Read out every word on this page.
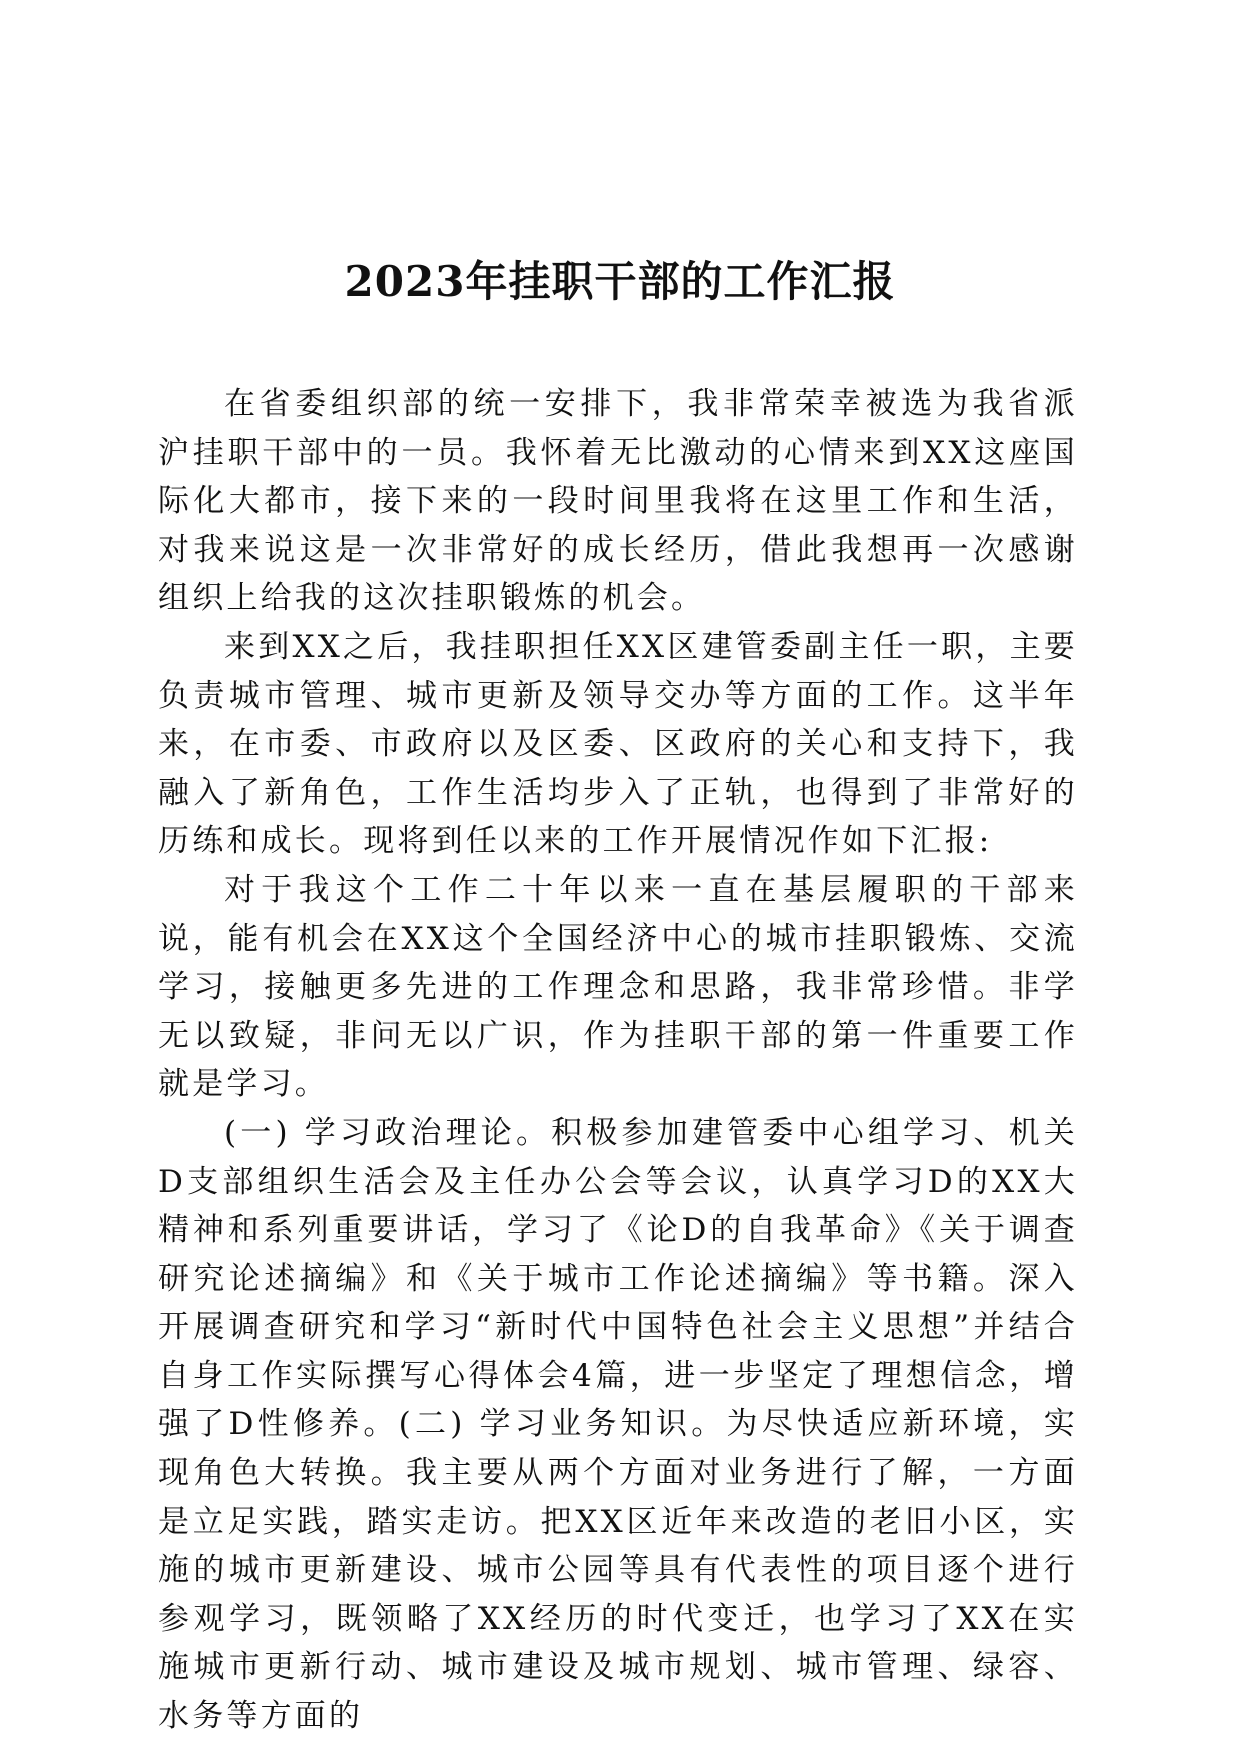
2023年挂职干部的工作汇报

在省委组织部的统一安排下，我非常荣幸被选为我省派沪挂职干部中的一员。我怀着无比激动的心情来到XX这座国际化大都市，接下来的一段时间里我将在这里工作和生活，对我来说这是一次非常好的成长经历，借此我想再一次感谢组织上给我的这次挂职锻炼的机会。

来到XX之后，我挂职担任XX区建管委副主任一职，主要负责城市管理、城市更新及领导交办等方面的工作。这半年来，在市委、市政府以及区委、区政府的关心和支持下，我融入了新角色，工作生活均步入了正轨，也得到了非常好的历练和成长。现将到任以来的工作开展情况作如下汇报:

对于我这个工作二十年以来一直在基层履职的干部来说，能有机会在XX这个全国经济中心的城市挂职锻炼、交流学习，接触更多先进的工作理念和思路，我非常珍惜。非学无以致疑，非问无以广识，作为挂职干部的第一件重要工作就是学习。

(一) 学习政治理论。积极参加建管委中心组学习、机关D支部组织生活会及主任办公会等会议，认真学习D的XX大精神和系列重要讲话，学习了《论D的自我革命》《关于调查研究论述摘编》和《关于城市工作论述摘编》等书籍。深入开展调查研究和学习“新时代中国特色社会主义思想”并结合自身工作实际撰写心得体会4篇，进一步坚定了理想信念，增强了D性修养。(二) 学习业务知识。为尽快适应新环境，实现角色大转换。我主要从两个方面对业务进行了解，一方面是立足实践，踏实走访。把XX区近年来改造的老旧小区，实施的城市更新建设、城市公园等具有代表性的项目逐个进行参观学习，既领略了XX经历的时代变迁，也学习了XX在实施城市更新行动、城市建设及城市规划、城市管理、绿容、水务等方面的
